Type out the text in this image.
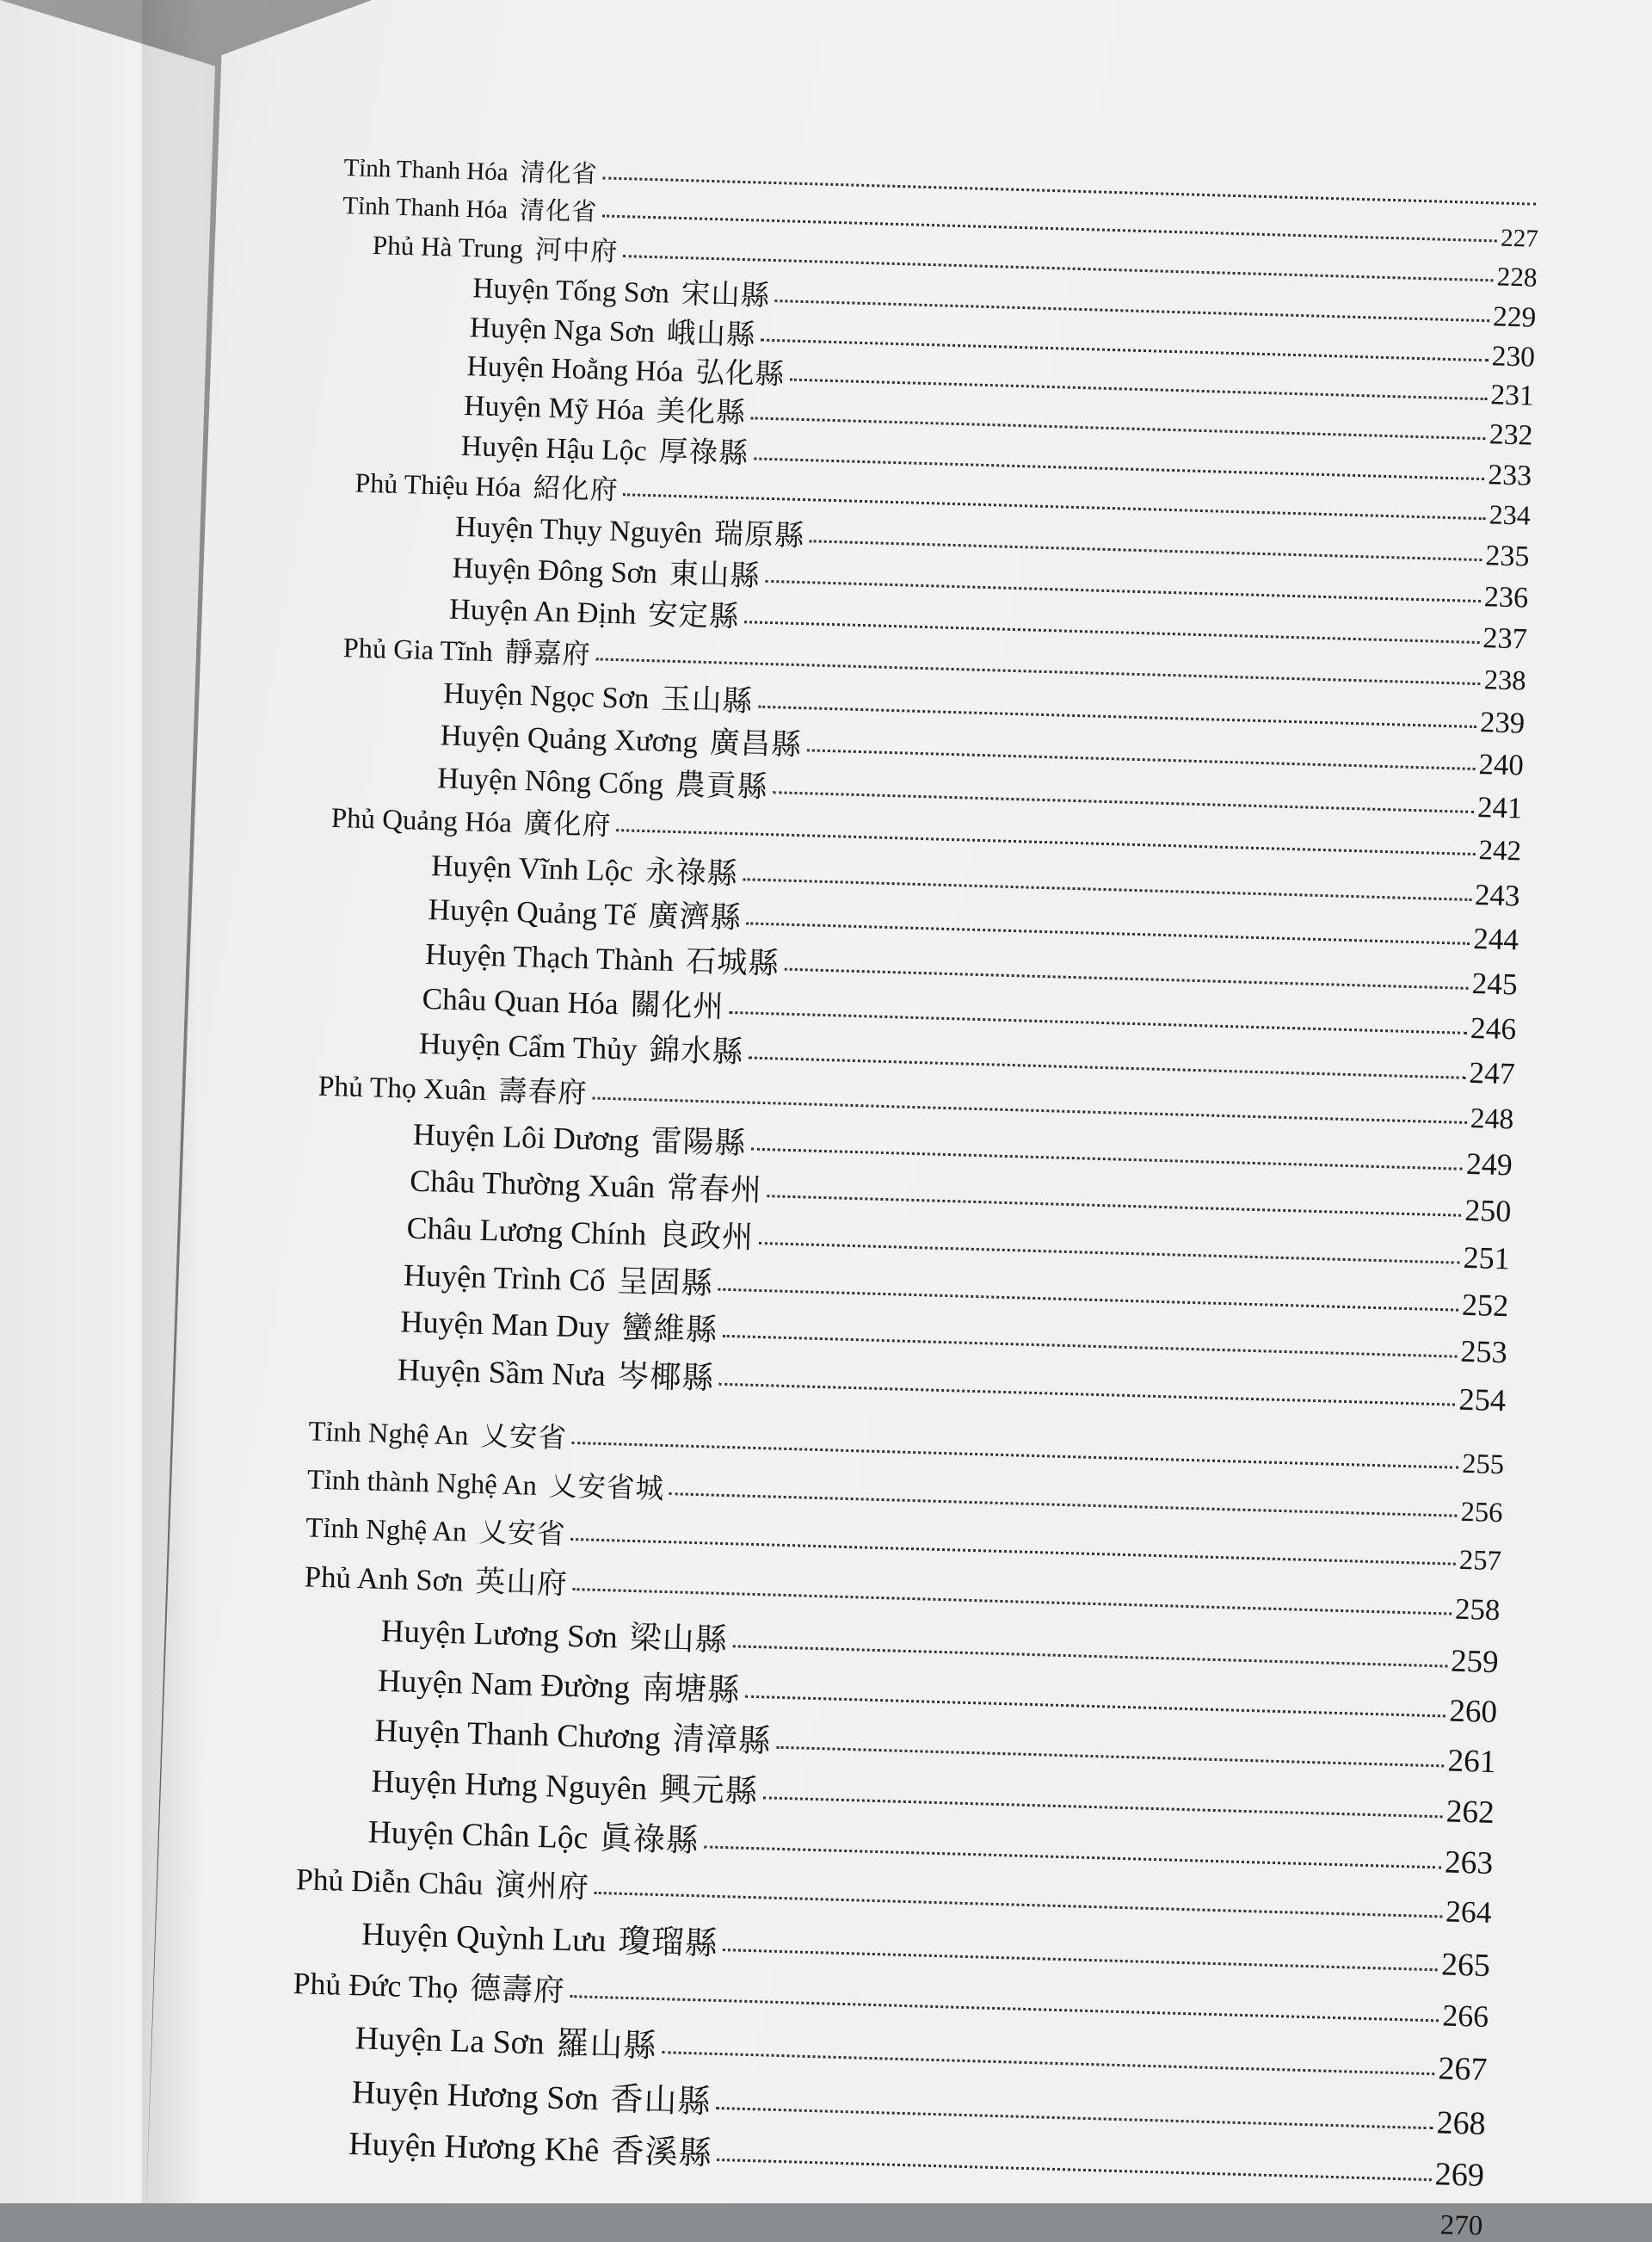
Tỉnh Thanh Hóa 清化省
Tỉnh Thanh Hóa 清化省
227
Phủ Hà Trung 河中府
228
Huyện Tống Sơn 宋山縣
229
Huyện Nga Sơn 峨山縣
230
Huyện Hoằng Hóa 弘化縣
231
Huyện Mỹ Hóa 美化縣
232
Huyện Hậu Lộc 厚祿縣
233
Phủ Thiệu Hóa 紹化府
234
Huyện Thụy Nguyên 瑞原縣
235
Huyện Đông Sơn 東山縣
236
Huyện An Định 安定縣
237
Phủ Gia Tĩnh 靜嘉府
238
Huyện Ngọc Sơn 玉山縣
239
Huyện Quảng Xương 廣昌縣
240
Huyện Nông Cống 農貢縣
241
Phủ Quảng Hóa 廣化府
242
Huyện Vĩnh Lộc 永祿縣
243
Huyện Quảng Tế 廣濟縣
244
Huyện Thạch Thành 石城縣
245
Châu Quan Hóa 關化州
246
Huyện Cẩm Thủy 錦水縣
247
Phủ Thọ Xuân 壽春府
248
Huyện Lôi Dương 雷陽縣
249
Châu Thường Xuân 常春州
250
Châu Lương Chính 良政州
251
Huyện Trình Cố 呈固縣
252
Huyện Man Duy 蠻維縣
253
Huyện Sầm Nưa 岑椰縣
254
Tỉnh Nghệ An 乂安省
255
Tỉnh thành Nghệ An 乂安省城
256
Tỉnh Nghệ An 乂安省
257
Phủ Anh Sơn 英山府
258
Huyện Lương Sơn 梁山縣
259
Huyện Nam Đường 南塘縣
260
Huyện Thanh Chương 清漳縣
261
Huyện Hưng Nguyên 興元縣
262
Huyện Chân Lộc 眞祿縣
263
Phủ Diễn Châu 演州府
264
Huyện Quỳnh Lưu 瓊瑠縣
265
Phủ Đức Thọ 德壽府
266
Huyện La Sơn 羅山縣
267
Huyện Hương Sơn 香山縣
268
Huyện Hương Khê 香溪縣
269
270
